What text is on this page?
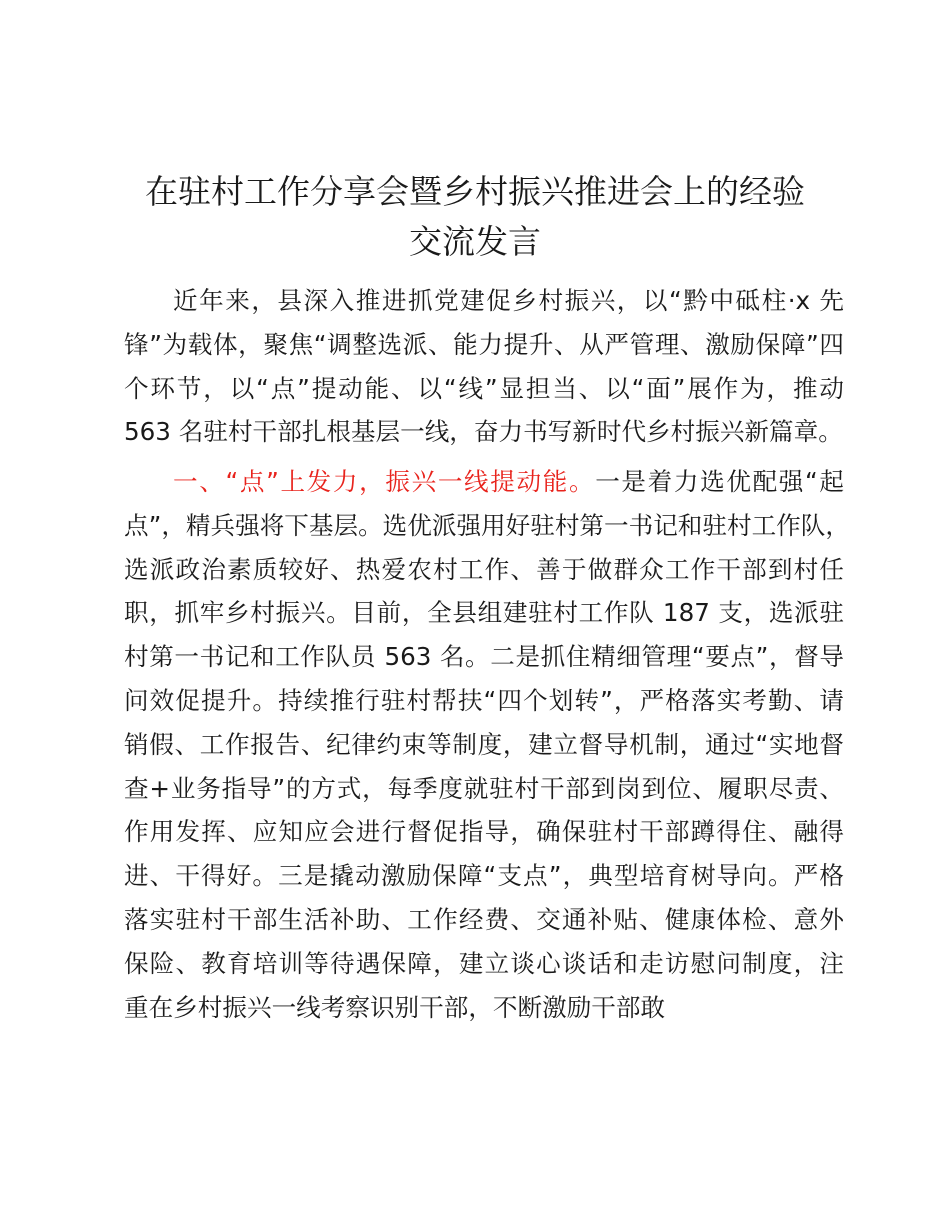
在驻村工作分享会暨乡村振兴推进会上的经验
交流发言
近年来，县深入推进抓党建促乡村振兴，以“黔中砥柱·x 先
锋”为载体，聚焦“调整选派、能力提升、从严管理、激励保障”四
个环节，以“点”提动能、以“线”显担当、以“面”展作为，推动
563 名驻村干部扎根基层一线，奋力书写新时代乡村振兴新篇章。
一、“点”上发力，振兴一线提动能。一是着力选优配强“起
点”，精兵强将下基层。选优派强用好驻村第一书记和驻村工作队，
选派政治素质较好、热爱农村工作、善于做群众工作干部到村任
职，抓牢乡村振兴。目前，全县组建驻村工作队 187 支，选派驻
村第一书记和工作队员 563 名。二是抓住精细管理“要点”，督导
问效促提升。持续推行驻村帮扶“四个划转”，严格落实考勤、请
销假、工作报告、纪律约束等制度，建立督导机制，通过“实地督
查+业务指导”的方式，每季度就驻村干部到岗到位、履职尽责、
作用发挥、应知应会进行督促指导，确保驻村干部蹲得住、融得
进、干得好。三是撬动激励保障“支点”，典型培育树导向。严格
落实驻村干部生活补助、工作经费、交通补贴、健康体检、意外
保险、教育培训等待遇保障，建立谈心谈话和走访慰问制度，注
重在乡村振兴一线考察识别干部，不断激励干部敢
